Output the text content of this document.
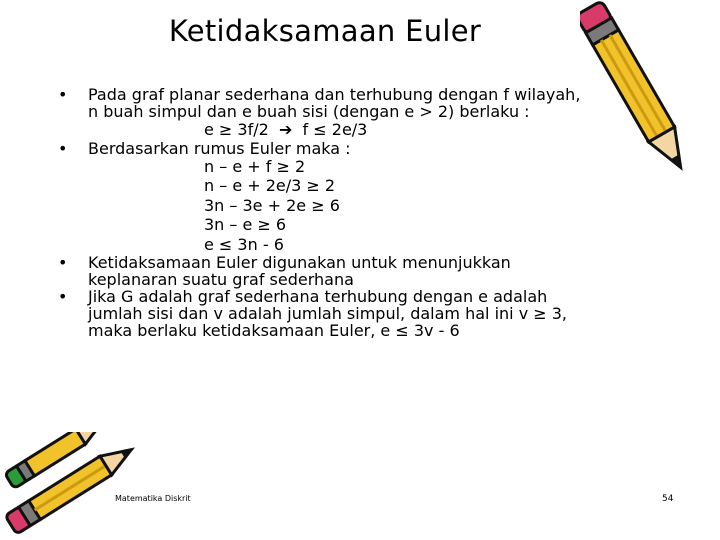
Ketidaksamaan Euler
• Pada graf planar sederhana dan terhubung dengan f wilayah,

n buah simpul dan e buah sisi (dengan e > 2) berlaku :

e ≥ 3f/2  ➔  f ≤ 2e/3
• Berdasarkan rumus Euler maka :

n – e + f ≥ 2
n – e + 2e/3 ≥ 2
3n – 3e + 2e ≥ 6
3n – e ≥ 6
e ≤ 3n - 6
• Ketidaksamaan Euler digunakan untuk menunjukkan

keplanaran suatu graf sederhana

• Jika G adalah graf sederhana terhubung dengan e adalah

jumlah sisi dan v adalah jumlah simpul, dalam hal ini v ≥ 3,

maka berlaku ketidaksamaan Euler, e ≤ 3v - 6

Matematika Diskrit	54
